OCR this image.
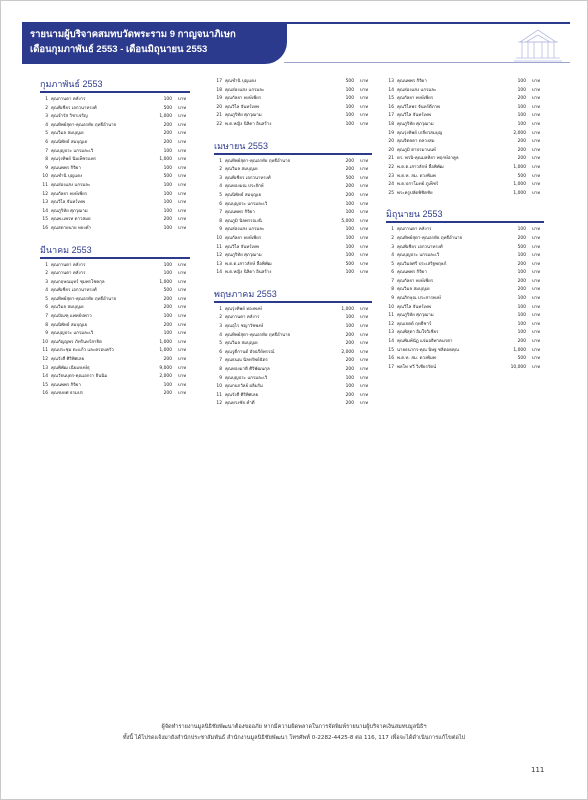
รายนามผู้บริจาคสมทบวัดพระราม 9 กาญจนาภิเษก
เดือนกุมภาพันธ์ 2553 - เดือนมิถุนายน 2553
กุมภาพันธ์ 2553
1 คุณกานดา คลังาร	100	บาท
2 คุณพิเชียร เอกวนาทรงศ์	500	บาท
3 คุณจำรัส วิชาเจริญ	1,000	บาท
4 คุณทิพย์สุดา-คุณอรทัย ฤทธิ์อำนาจ	200	บาท
5 คุณวิมล สมบุญเย	200	บาท
6 คุณนิพัทธ์ สมบุญเย	200	บาท
7 คุณบุญประ แกรมละเวิ	100	บาท
8 คุณรุ่งทิพย์ นิ่มเพ็ชรแพร	1,000	บาท
9 คุณนพพร กิจิยา	100	บาท
10 คุณชำนิ บุญแดง	500	บาท
11 คุณส่องแสง แกรมละ	100	บาท
12 คุณกัลยา พงษ์เพียร	100	บาท
13 คุณวิไล จันทร์เทพ	100	บาท
14 คุณภูริทัย ศุภวุฒาม	100	บาท
15 คุณพ.แพรท ดาวสมย	200	บาท
16 คุณสดายนาย หยงค่ำ	100	บาท
มีนาคม 2553
1 คุณกานดา คลังาร	100	บาท
2 คุณกานดา คลังาร	100	บาท
3 คุณกฤษณมุทร์ ชุมพรโชคกุล	1,000	บาท
4 คุณพิเชียร เอกวนาทรงศ์	500	บาท
5 คุณทิพย์สุดา-คุณอรทัย ฤทธิ์อำนาจ	200	บาท
6 คุณวิมล สมบุญเย	200	บาท
7 คุณปัณฑุ แพทย์ปพาว	100	บาท
8 คุณนิพัทธ์ สมบุญเย	200	บาท
9 คุณบุญประ แกรมละเวิ	100	บาท
10 คุณกัญญพร ภัทรินทร์สาธิต	1,000	บาท
11 คุณประชุม ตะแก้ว และครอบครัว	1,000	บาท
12 คุณรังสี ศิริพิศเลย	200	บาท
13 คุณพิพัฒ เนียมหงษ์ธุ	9,000	บาท
14 คุณวัจนบุตร-คุณเอกรา ธินนิม	2,000	บาท
15 คุณนพพร กิจิยา	100	บาท
16 คุณชงยศ ธรมปร	200	บาท
17 คุณชำนิ บุญแดง	500	บาท
18 คุณส่องแสง แกรมละ	100	บาท
19 คุณกัลยา พงษ์เพียร	100	บาท
20 คุณวิไล จันทร์เทพ	100	บาท
21 คุณภูริทัย ศุภวุฒาม	100	บาท
22 พ.ต.หญิง นิลิดา อินสร้าง	100	บาท
เมษายน 2553
1 คุณทิพย์สุดา-คุณอรทัย ฤทธิ์อำนาจ	200	บาท
2 คุณวิมล สมบุญเย	200	บาท
3 คุณพิเชียร เอกวนาทรงศ์	500	บาท
4 คุณทองมณ ประจักษ์	200	บาท
5 คุณนิพัทธ์ สมบุญเย	200	บาท
6 คุณบุญประ แกรมละเวิ	100	บาท
7 คุณนพพร กิจิยา	100	บาท
8 คุณภูมิ นิลพรรณงนิ	5,000	บาท
9 คุณส่องแสง แกรมละ	100	บาท
10 คุณกัลยา พงษ์เพียร	100	บาท
11 คุณวิไล จันทร์เทพ	100	บาท
12 คุณภูริทัย ศุภวุฒาม	100	บาท
13 พ.ต.ต.เสาวลักษ์ ลือพิพัฒ	500	บาท
14 พ.ต.หญิง นิลิดา อินสร้าง	100	บาท
พฤษภาคม 2553
1 คุณรุ่งทิพย์ ทองพงษ์	1,000	บาท
2 คุณกานดา คลังาร	100	บาท
3 คุณอุไร ชญาวัชพงษ์	100	บาท
4 คุณทิพย์สุดา-คุณอรทัย ฤทธิ์อำนาจ	200	บาท
5 คุณวิมล สมบุญเย	200	บาท
6 คุณรูดีกานต์ อัจฉรีย์พรรณ์	2,000	บาท
7 คุณธนณ นิลทรัพย์ฉัตร	200	บาท
8 คุณทองมาติ ศิริพัฒนกุล	200	บาท
9 คุณบุญประ แกรมละเวิ	100	บาท
10 คุณกนกวัลย์ ผลิมรัม	100	บาท
11 คุณรังสี ศิริพิศเลย	200	บาท
12 คุณทรงชัย ค่ำดี	200	บาท
13 คุณนพพร กิจิยา	100	บาท
14 คุณส่องแสง แกรมละ	100	บาท
15 คุณกัลยา พงษ์เพียร	200	บาท
16 คุณวิไลพร จันทร์ดีภาพ	100	บาท
17 คุณวิไล จันทร์เทพ	100	บาท
18 คุณภูริทัย ศุภวุฒาม	100	บาท
19 คุณรุ่งทิพย์ เกลียวสมบุญ	2,000	บาท
20 คุณจิตลดา ดลวงสม	200	บาท
20 คุณภูมิ ตาปรมานนท์	200	บาท
21 ดร. พรนิ-คุณมลทิยา พฤกษ์อาคูล	200	บาท
22 พ.ต.ต.เสาวลักษ์ ลือพิพัฒ	1,000	บาท
23 พ.ต.ท. สม. ดวงพิมพ	500	บาท
24 พ.ต.ปกาโมทย์ ภูเพ็ชร์	1,000	บาท
25 พระครูปลัดพิชิตชัย	1,000	บาท
มิถุนายน 2553
1 คุณกานดา คลังาร	100	บาท
2 คุณทิพย์สุดา-คุณอรทัย ฤทธิ์อำนาจ	200	บาท
3 คุณพิเชียร เอกวนาทรงศ์	500	บาท
4 คุณบุญประ แกรมละเวิ	100	บาท
5 คุณวิมลศรี ประเสริฐพฤษภ์	200	บาท
6 คุณนพพร กิจิยา	100	บาท
7 คุณกัลยา พงษ์เพียร	200	บาท
8 คุณวิมล สมบุญเย	200	บาท
9 คุณภิกษุณ ประสารพงษ์	100	บาท
10 คุณวิไล จันทร์เทพ	100	บาท
11 คุณภูริทัย ศุภวุฒาม	100	บาท
12 คุณเจตต์ ฤทธิ์ชาร์	100	บาท
13 คุณพิสุดา อิ่มใจวิเชียร	100	บาท
14 คุณพิมพ์นัฏ แจ่มอธิพาคมรดา	200	บาท
15 นายธนากร-คุณ นิษฐ ชลิตอดคุณ	1,000	บาท
16 พ.ต.ท. สม. ดวงพิมพ	500	บาท
17 พลโท ทวี วิเชียรรัตน์	10,000	บาท
ผู้จัดทำรายงานมูลนิธิชัยพัฒนาต้องขออภัย หากมีความผิดพลาดในการจัดพิมพ์รายนามผู้บริจาคเงินสมทบมูลนิธิฯ
ทั้งนี้ ได้โปรดแจ้งมายังสำนักประชาสัมพันธ์ สำนักงานมูลนิธิชัยพัฒนา โทรศัพท์ 0-2282-4425-8 ต่อ 116, 117 เพื่อจะได้ดำเนินการแก้ไขต่อไป
111
